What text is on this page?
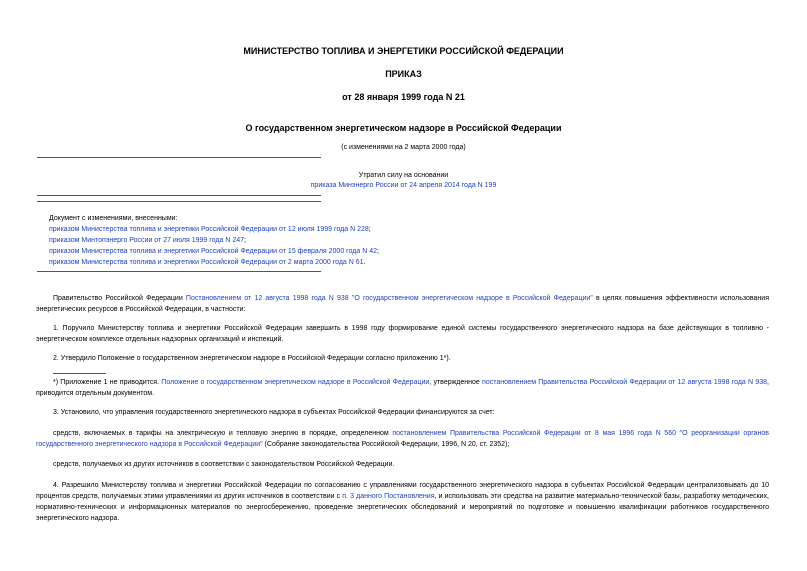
МИНИСТЕРСТВО ТОПЛИВА И ЭНЕРГЕТИКИ РОССИЙСКОЙ ФЕДЕРАЦИИ
ПРИКАЗ
от 28 января 1999 года N 21
О государственном энергетическом надзоре в Российской Федерации
(с изменениями на 2 марта 2000 года)
Утратил силу на основании
приказа Минэнерго России от 24 апреля 2014 года N 199
Документ с изменениями, внесенными:
приказом Министерства топлива и энергетики Российской Федерации от 12 июля 1999 года N 228;
приказом Минтопэнерго России от 27 июля 1999 года N 247;
приказом Министерства топлива и энергетики Российской Федерации от 15 февраля 2000 года N 42;
приказом Министерства топлива и энергетики Российской Федерации от 2 марта 2000 года N 61.
Правительство Российской Федерации Постановлением от 12 августа 1998 года N 938 "О государственном энергетическом надзоре в Российской Федерации" в целях повышения эффективности использования энергетических ресурсов в Российской Федерации, в частности:
1. Поручило Министерству топлива и энергетики Российской Федерации завершить в 1998 году формирование единой системы государственного энергетического надзора на базе действующих в топливно - энергетическом комплексе отдельных надзорных организаций и инспекций.
2. Утвердило Положение о государственном энергетическом надзоре в Российской Федерации согласно приложению 1*).
*) Приложение 1 не приводится. Положение о государственном энергетическом надзоре в Российской Федерации, утвержденное постановлением Правительства Российской Федерации от 12 августа 1998 года N 938, приводится отдельным документом.
3. Установило, что управления государственного энергетического надзора в субъектах Российской Федерации финансируются за счет:
средств, включаемых в тарифы на электрическую и тепловую энергию в порядке, определенном постановлением Правительства Российской Федерации от 8 мая 1996 года N 560 "О реорганизации органов государственного энергетического надзора в Российской Федерации" (Собрание законодательства Российской Федерации, 1996, N 20, ст. 2352);
средств, получаемых из других источников в соответствии с законодательством Российской Федерации.
4. Разрешило Министерству топлива и энергетики Российской Федерации по согласованию с управлениями государственного энергетического надзора в субъектах Российской Федерации централизовывать до 10 процентов средств, получаемых этими управлениями из других источников в соответствии с п. 3 данного Постановления, и использовать эти средства на развитие материально-технической базы, разработку методических, нормативно-технических и информационных материалов по энергосбережению, проведение энергетических обследований и мероприятий по подготовке и повышению квалификации работников государственного энергетического надзора.
